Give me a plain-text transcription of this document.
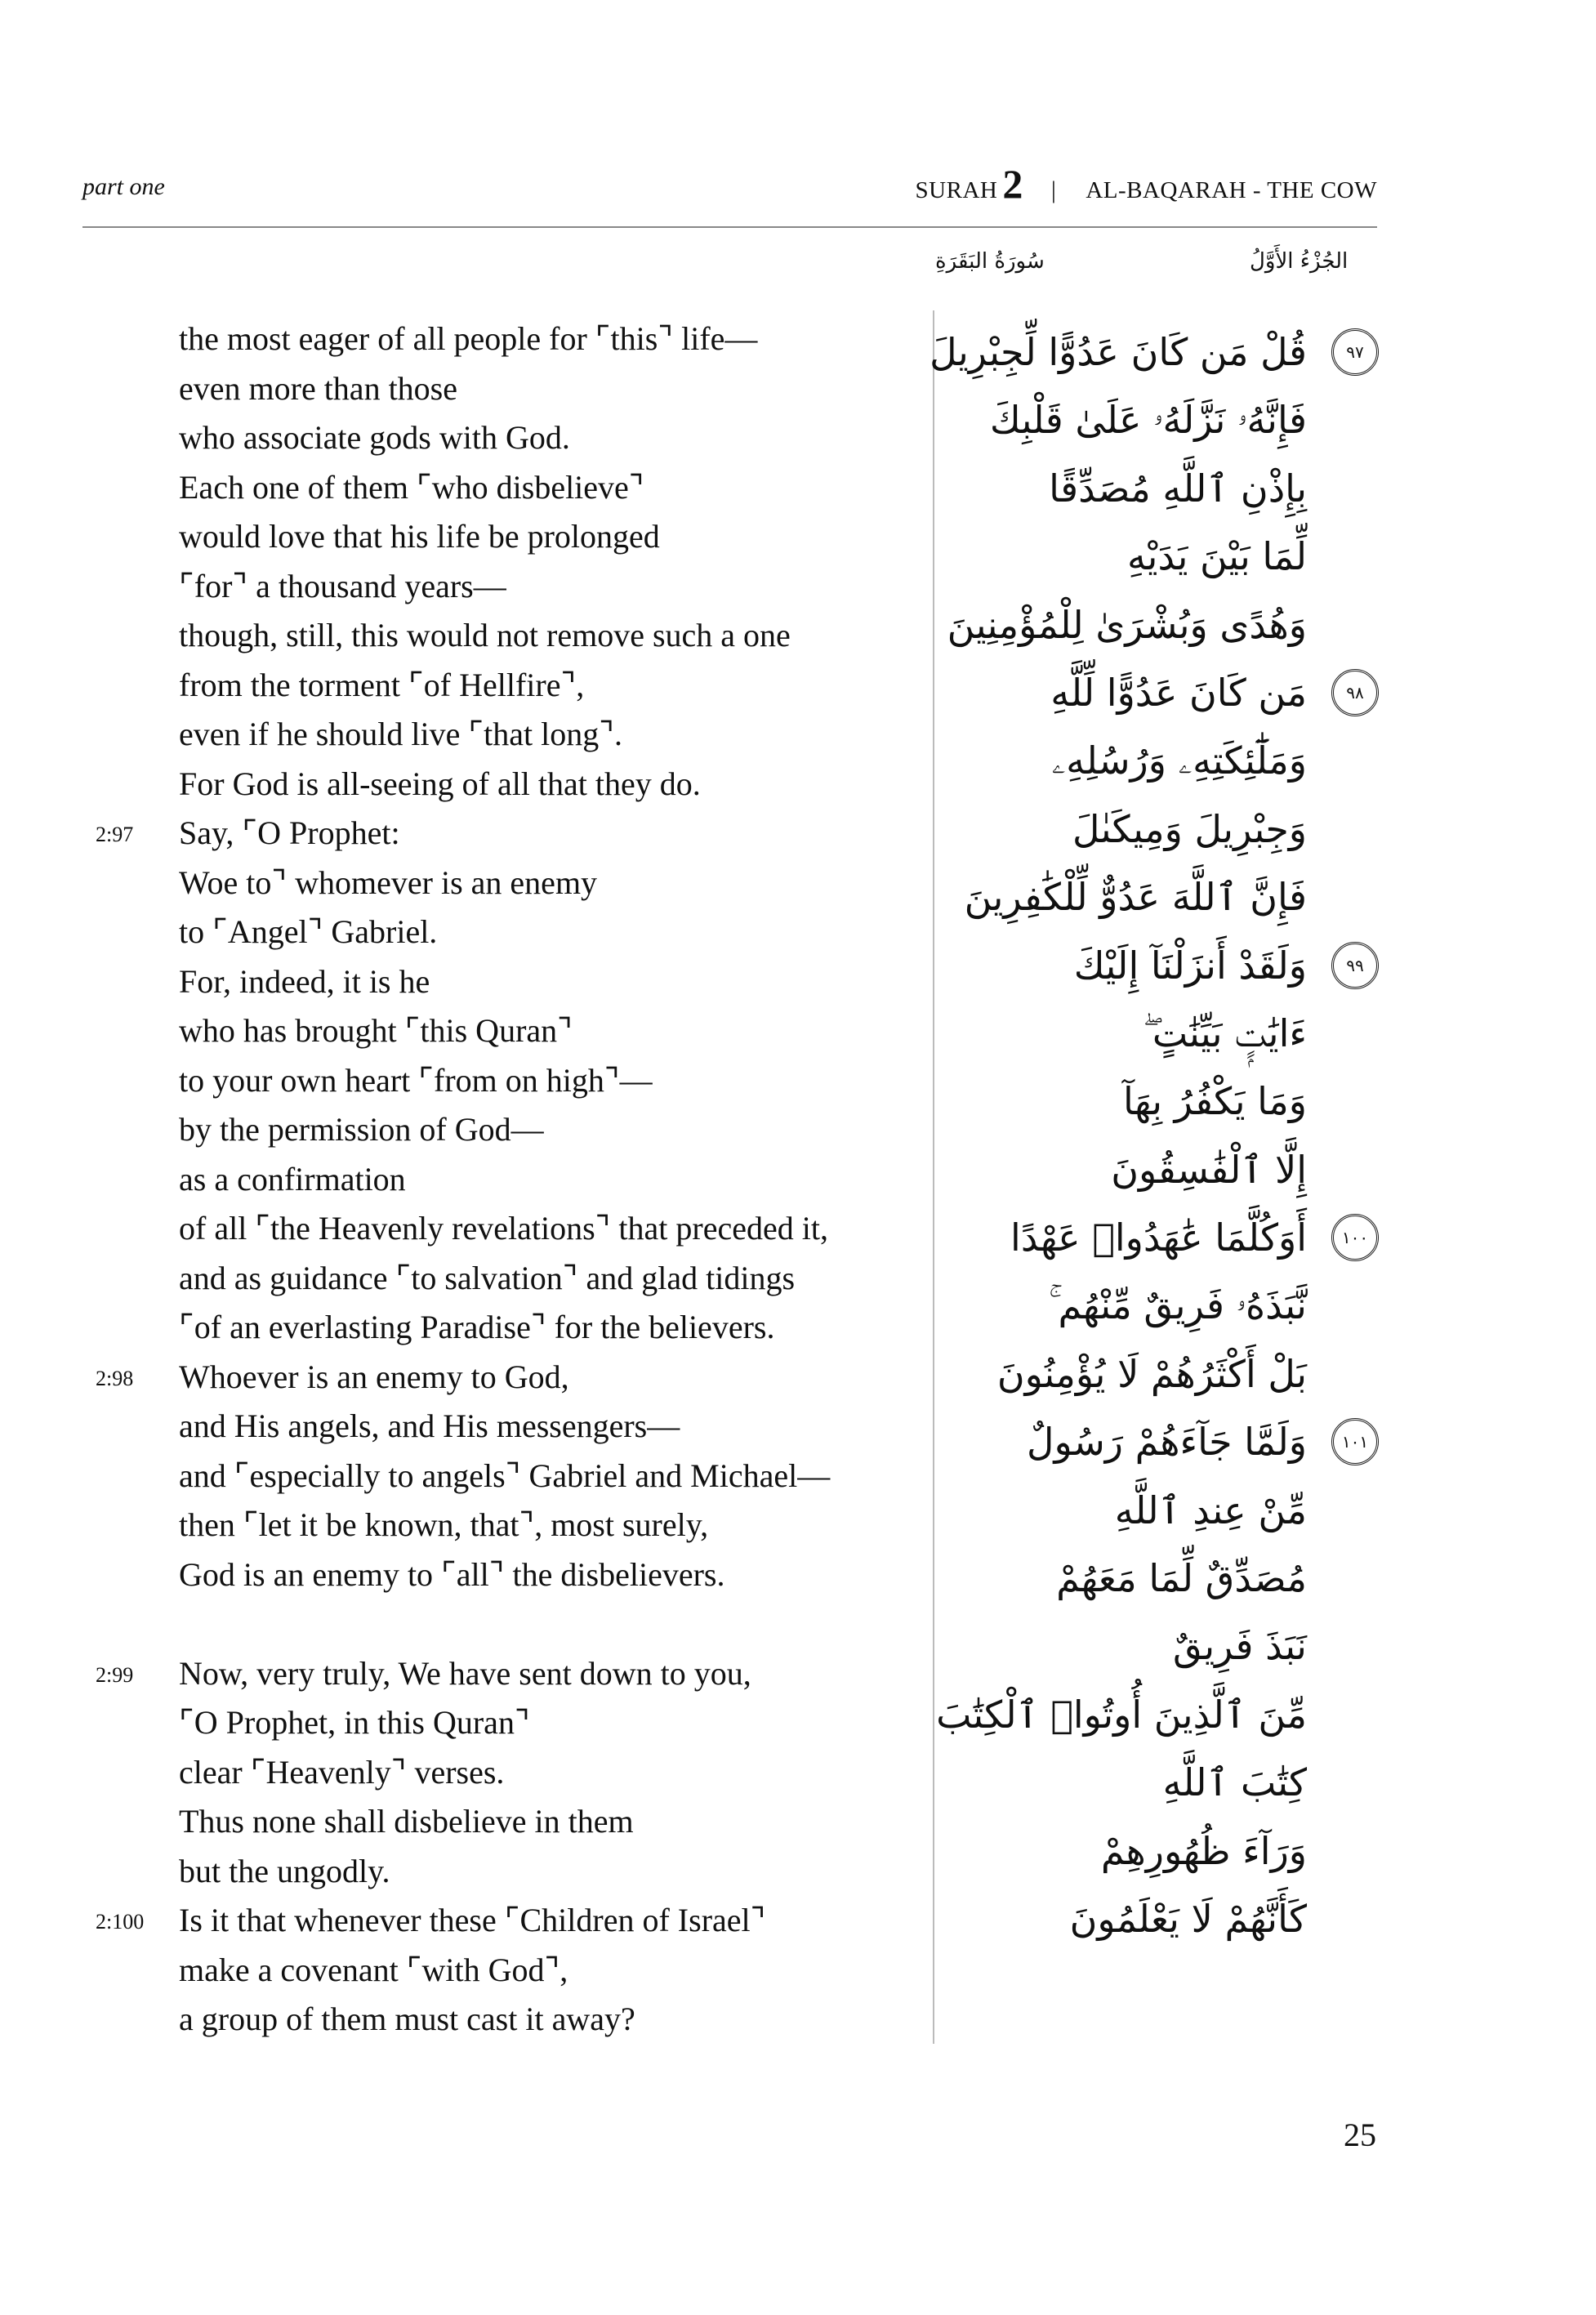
part one	SURAH 2 | AL-BAQARAH - THE COW
الجُزْءُ الأَوَّلُ
سُورَةُ البَقَرَةِ
the most eager of all people for ⌜this⌝ life—
even more than those
who associate gods with God.
Each one of them ⌜who disbelieve⌝
would love that his life be prolonged
⌜for⌝ a thousand years—
though, still, this would not remove such a one
from the torment ⌜of Hellfire⌝,
even if he should live ⌜that long⌝.
For God is all-seeing of all that they do.
2:97 Say, ⌜O Prophet:
Woe to⌝ whomever is an enemy
to ⌜Angel⌝ Gabriel.
For, indeed, it is he
who has brought ⌜this Quran⌝
to your own heart ⌜from on high⌝—
by the permission of God—
as a confirmation
of all ⌜the Heavenly revelations⌝ that preceded it,
and as guidance ⌜to salvation⌝ and glad tidings
⌜of an everlasting Paradise⌝ for the believers.
2:98 Whoever is an enemy to God,
and His angels, and His messengers—
and ⌜especially to angels⌝ Gabriel and Michael—
then ⌜let it be known, that⌝, most surely,
God is an enemy to ⌜all⌝ the disbelievers.
2:99 Now, very truly, We have sent down to you,
⌜O Prophet, in this Quran⌝
clear ⌜Heavenly⌝ verses.
Thus none shall disbelieve in them
but the ungodly.
2:100 Is it that whenever these ⌜Children of Israel⌝
make a covenant ⌜with God⌝,
a group of them must cast it away?
٩٧
قُلْ مَن كَانَ عَدُوًّا لِّجِبْرِيلَ
فَإِنَّهُۥ نَزَّلَهُۥ عَلَىٰ قَلْبِكَ
بِإِذْنِ ٱللَّهِ مُصَدِّقًا
لِّمَا بَيْنَ يَدَيْهِ
وَهُدًى وَبُشْرَىٰ لِلْمُؤْمِنِينَ
٩٨
مَن كَانَ عَدُوًّا لِّلَّهِ
وَمَلَٰٓئِكَتِهِۦ وَرُسُلِهِۦ
وَجِبْرِيلَ وَمِيكَىٰلَ
فَإِنَّ ٱللَّهَ عَدُوٌّ لِّلْكَٰفِرِينَ
٩٩
وَلَقَدْ أَنزَلْنَآ إِلَيْكَ
ءَايَٰتٍۭ بَيِّنَٰتٍ ۖ
وَمَا يَكْفُرُ بِهَآ
إِلَّا ٱلْفَٰسِقُونَ
١٠٠
أَوَكُلَّمَا عَٰهَدُوا۟ عَهْدًا
نَّبَذَهُۥ فَرِيقٌ مِّنْهُم ۚ
بَلْ أَكْثَرُهُمْ لَا يُؤْمِنُونَ
١٠١
وَلَمَّا جَآءَهُمْ رَسُولٌ
مِّنْ عِندِ ٱللَّهِ
مُصَدِّقٌ لِّمَا مَعَهُمْ
نَبَذَ فَرِيقٌ
مِّنَ ٱلَّذِينَ أُوتُوا۟ ٱلْكِتَٰبَ
كِتَٰبَ ٱللَّهِ
وَرَآءَ ظُهُورِهِمْ
كَأَنَّهُمْ لَا يَعْلَمُونَ
25
